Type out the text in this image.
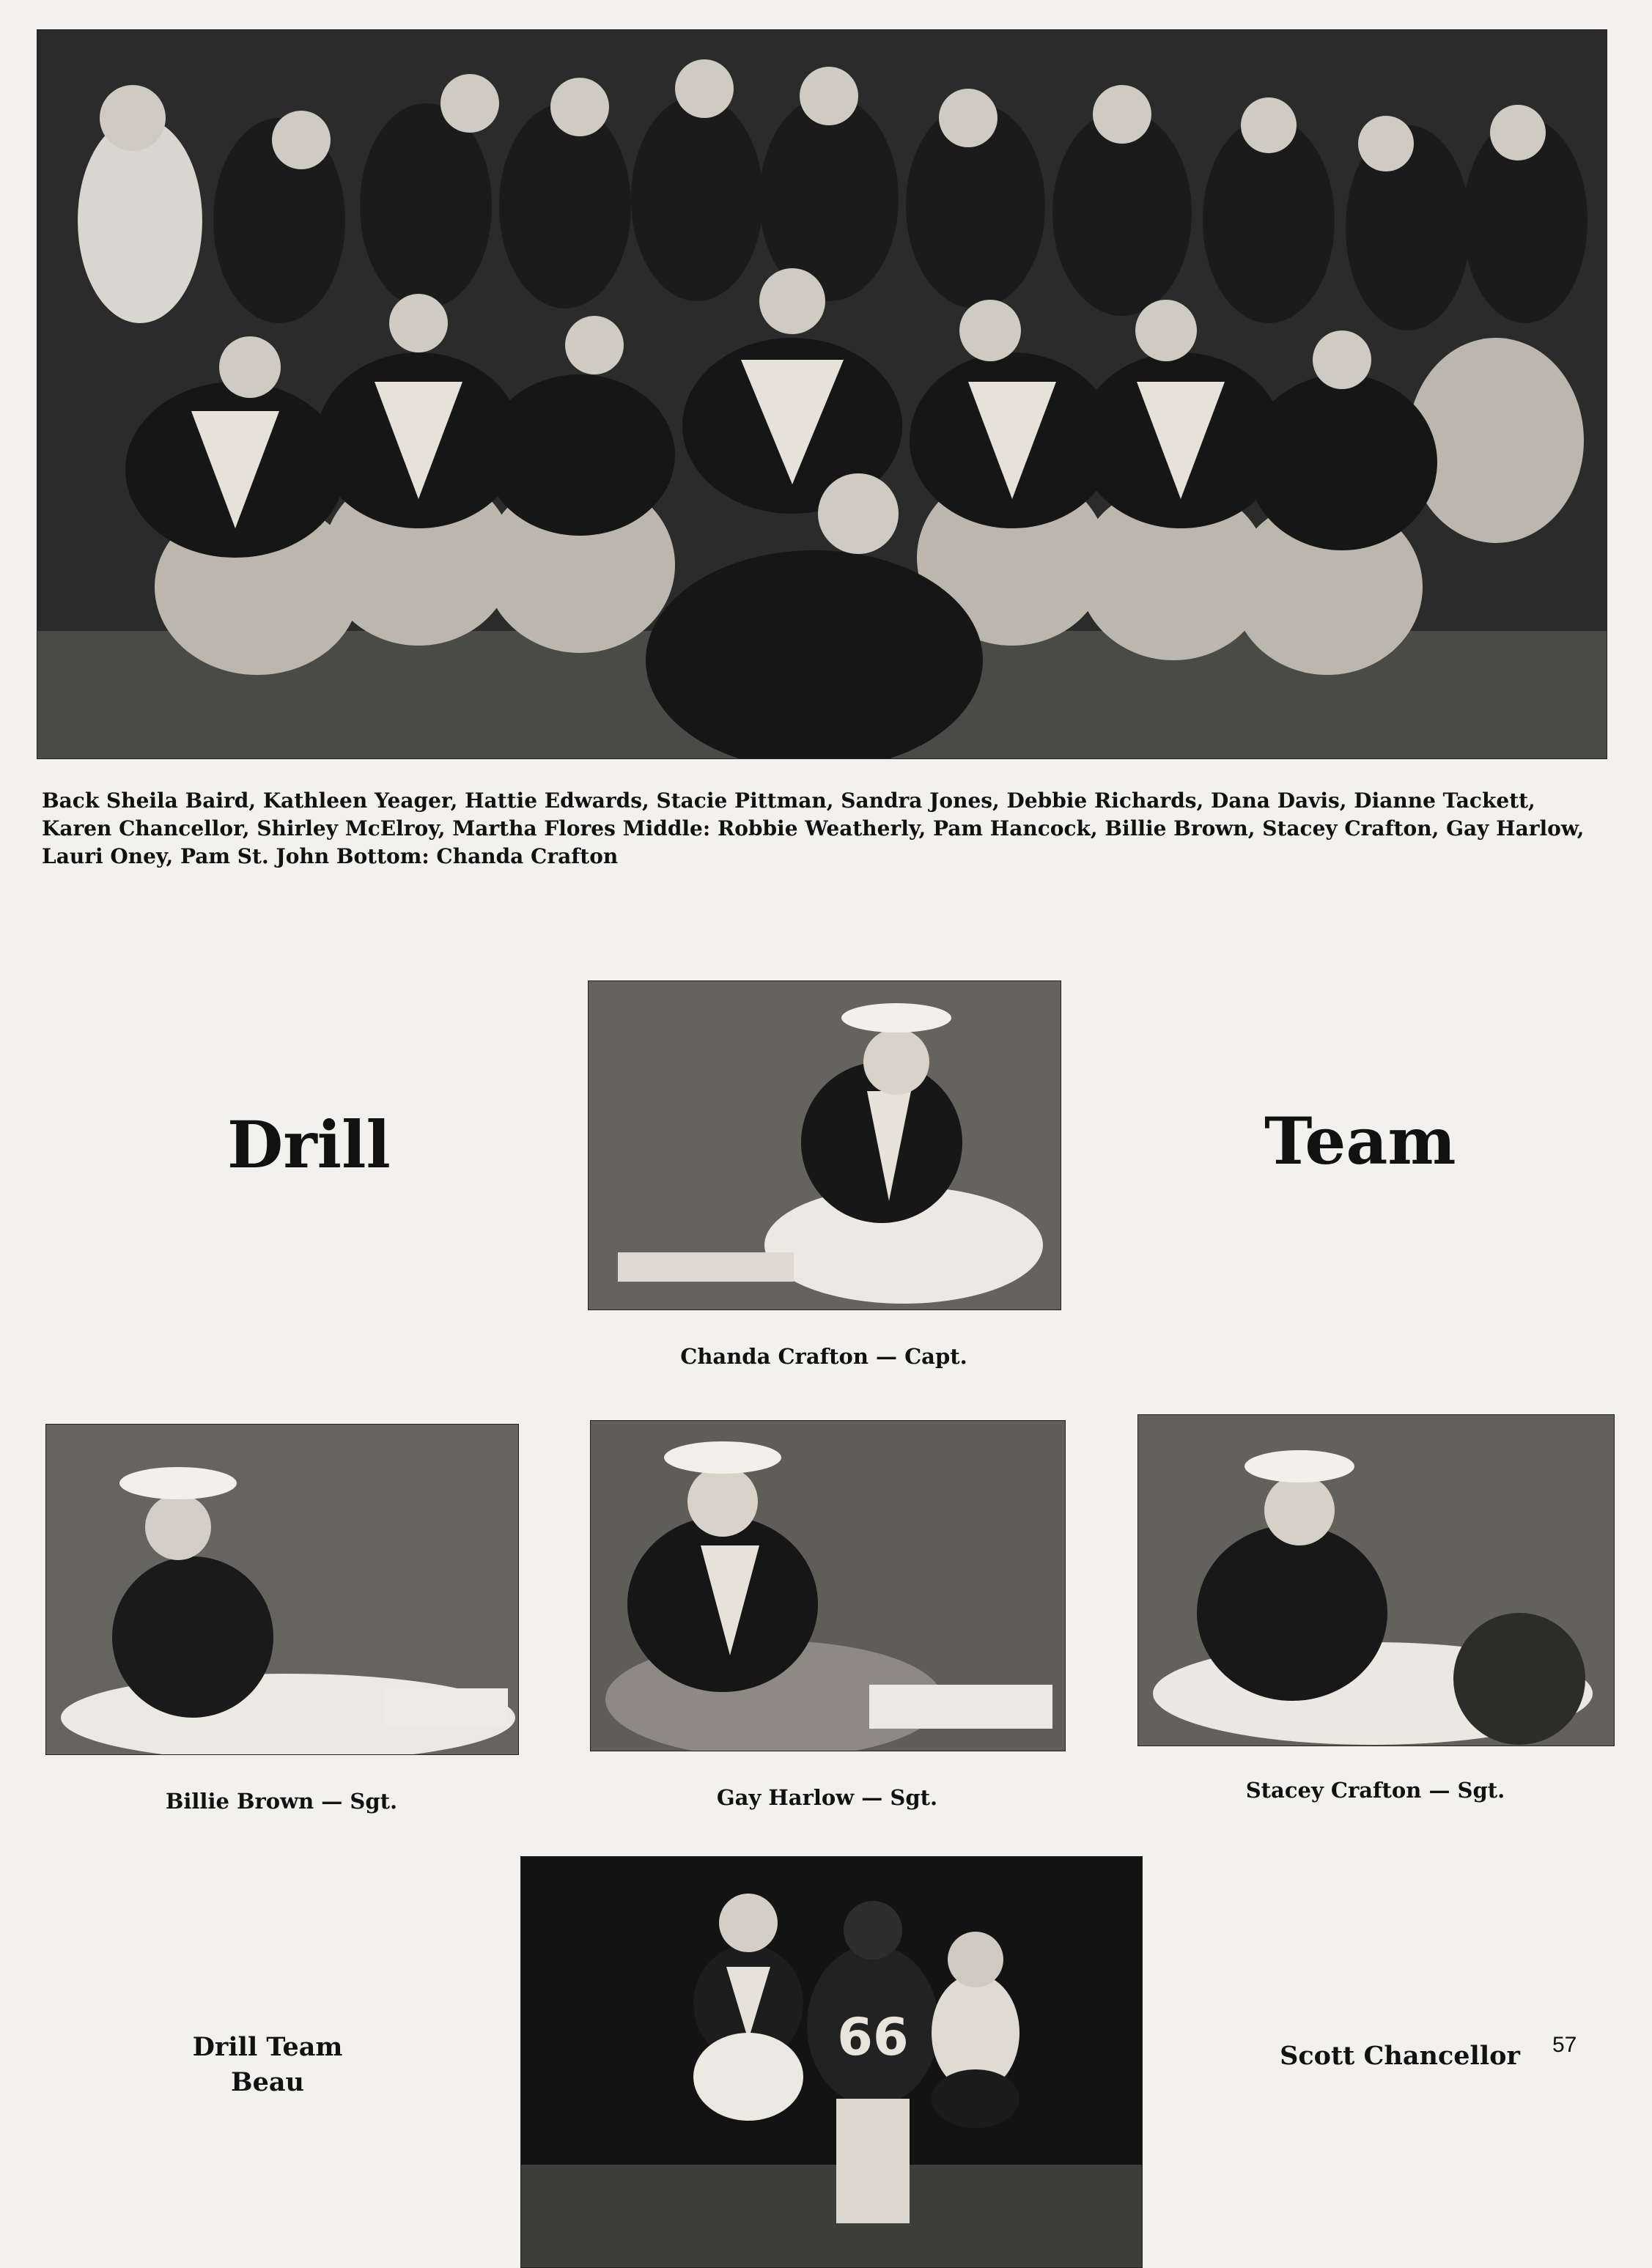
Back Sheila Baird, Kathleen Yeager, Hattie Edwards, Stacie Pittman, Sandra Jones, Debbie Richards, Dana Davis, Dianne Tackett, Karen Chancellor, Shirley McElroy, Martha Flores Middle: Robbie Weatherly, Pam Hancock, Billie Brown, Stacey Crafton, Gay Harlow, Lauri Oney, Pam St. John Bottom: Chanda Crafton
Drill	Team
Chanda Crafton — Capt.
Billie Brown — Sgt.	Gay Harlow — Sgt.	Stacey Crafton — Sgt.
Drill Team
Beau
66	Scott Chancellor	57
